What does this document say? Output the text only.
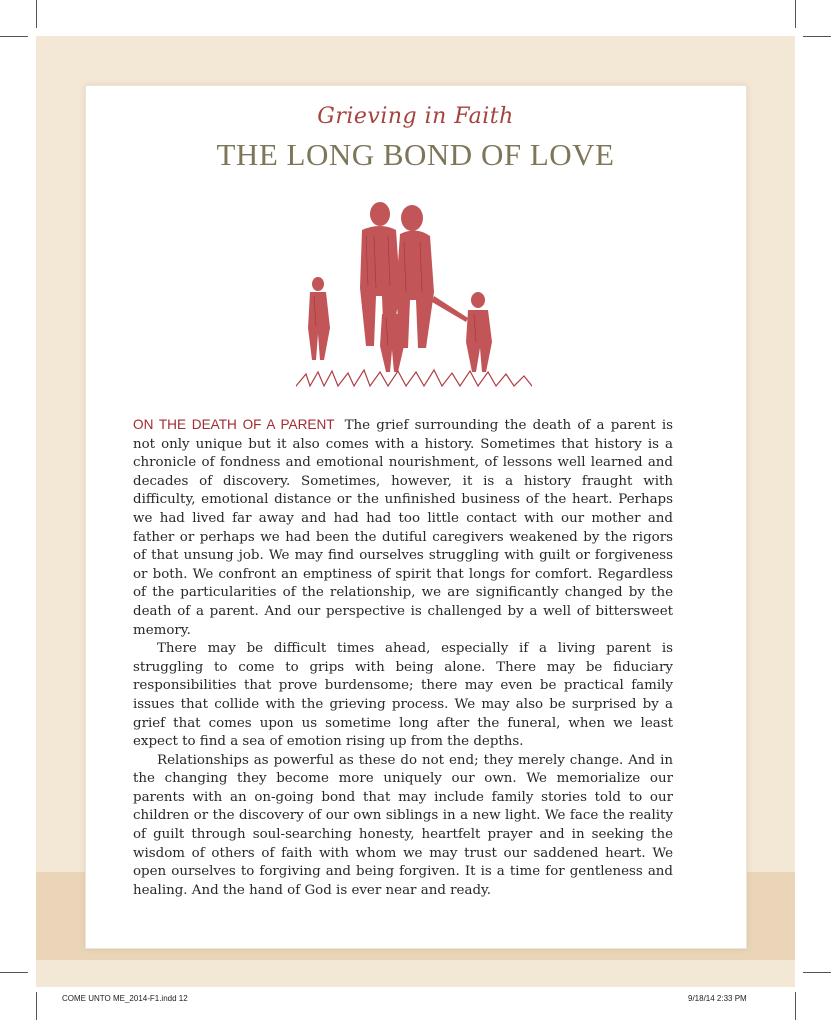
Grieving in Faith
THE LONG BOND OF LOVE

ON THE DEATH OF A PARENT The grief surrounding the death of a parent is not only unique but it also comes with a history. Sometimes that history is a chronicle of fondness and emotional nourishment, of lessons well learned and decades of discovery. Sometimes, however, it is a history fraught with difficulty, emotional distance or the unfinished business of the heart. Perhaps we had lived far away and had had too little contact with our mother and father or perhaps we had been the dutiful caregivers weakened by the rigors of that unsung job. We may find ourselves struggling with guilt or forgiveness or both. We confront an emptiness of spirit that longs for comfort. Regardless of the particularities of the relationship, we are significantly changed by the death of a parent. And our perspective is challenged by a well of bittersweet memory.

There may be difficult times ahead, especially if a living parent is struggling to come to grips with being alone. There may be fiduciary responsibilities that prove burdensome; there may even be practical family issues that collide with the grieving process. We may also be surprised by a grief that comes upon us sometime long after the funeral, when we least expect to find a sea of emotion rising up from the depths.

Relationships as powerful as these do not end; they merely change. And in the changing they become more uniquely our own. We memorialize our parents with an on-going bond that may include family stories told to our children or the discovery of our own siblings in a new light. We face the reality of guilt through soul-searching honesty, heartfelt prayer and in seeking the wisdom of others of faith with whom we may trust our saddened heart. We open ourselves to forgiving and being forgiven. It is a time for gentleness and healing. And the hand of God is ever near and ready.

COME UNTO ME_2014-F1.indd 12	9/18/14 2:33 PM
